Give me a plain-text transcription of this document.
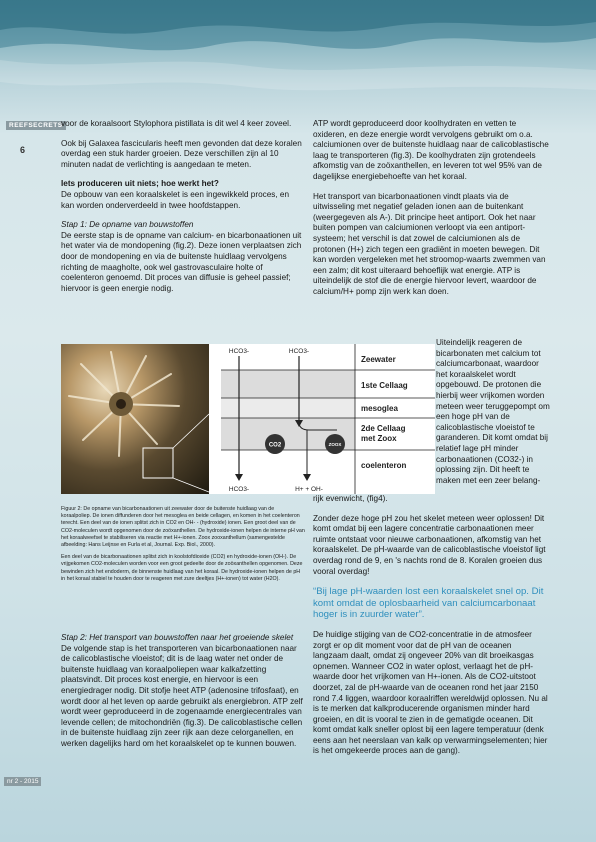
REEFSECRETS
6

voor de koraalsoort Stylophora pistillata is dit wel 4 keer zoveel.

Ook bij Galaxea fascicularis heeft men gevonden dat deze koralen overdag een stuk harder groeien. Deze verschillen zijn al 10 minuten nadat de verlichting is aangedaan te meten.

Iets produceren uit niets; hoe werkt het?

De opbouw van een koraalskelet is een ingewikkeld proces, en kan worden onderverdeeld in twee hoofdstappen.

Stap 1: De opname van bouwstoffen

De eerste stap is de opname van calcium- en bicarbonaationen uit het water via de mondopening (fig.2). Deze ionen verplaatsen zich door de mondopening en via de buitenste huidlaag vervolgens richting de maagholte, ook wel gastrovasculaire holte of coelenteron genoemd. Dit proces van diffusie is geheel passief; hiervoor is geen energie nodig.

ATP wordt geproduceerd door koolhydraten en vetten te oxideren, en deze energie wordt vervolgens gebruikt om o.a. calciumionen over de buitenste huidlaag naar de calicoblastische laag te transporteren (fig.3). De koolhydraten zijn grotendeels afkomstig van de zoöxanthellen, en leveren tot wel 95% van de dagelijkse energiebehoefte van het koraal.

Het transport van bicarbonaationen vindt plaats via de uitwisseling met negatief geladen ionen aan de buitenkant (weergegeven als A-). Dit principe heet antiport. Ook het naar buiten pompen van calciumionen verloopt via een antiport-systeem; het verschil is dat zowel de calciumionen als de protonen (H+) zich tegen een gradiënt in moeten bewegen. Dit kan worden vergeleken met het stroomop-waarts zwemmen van een zalm; dit kost uiteraard behoeflijk wat energie. ATP is uiteindelijk de stof die de energie hiervoor levert, waardoor de calcium/H+ pomp zijn werk kan doen.

HCO3-	HCO3-
Zeewater
1ste Cellaag
mesoglea
2de Cellaag
met Zoox
coelenteron
CO2	ZOOX
HCO3-	H+ + OH-

Uiteindelijk reageren de bicarbonaten met calcium tot calciumcarbonaat, waardoor het koraalskelet wordt opgebouwd. De protonen die hierbij weer vrijkomen worden meteen weer teruggepompt om een hoge pH van de calicoblastische vloeistof te garanderen. Dit komt omdat bij relatief lage pH minder carbonaationen (CO32-) in oplossing zijn. Dit heeft te maken met een zeer belang-

Figuur 2: De opname van bicarbonaationen uit zeewater door de buitenste huidlaag van de koraalpoliep. De ionen diffunderen door het mesoglea en beide cellagen, en komen in het coelenteron terecht. Een deel van de ionen splitst zich in CO2 en OH- - (hydroxide) ionen. Een groot deel van de CO2-moleculen wordt opgenomen door de zoöxanthellen. De hydroxide-ionen helpen de interne pH van het koraalweefsel te stabiliseren via reactie met H+-ionen. Zoox zooxanthellum (samengestelde afbeelding: Hans Leijnse en Furla et al, Journal. Exp. Biol., 2000).

Een deel van de bicarbonaationen splitst zich in koolstofdioxide (CO2) en hydroxide-ionen (OH-). De vrijgekomen CO2-moleculen worden voor een groot gedeelte door de zoöxanthellen opgenomen. Deze bewinden zich het endoderm, de binnenste huidlaag van het koraal. De hydroxide-ionen helpen de pH in het koraal stabiel te houden door te reageren met zure deeltjes (H+-ionen) tot water (H2O).

Stap 2: Het transport van bouwstoffen naar het groeiende skelet

De volgende stap is het transporteren van bicarbonaationen naar de calicoblastische vloeistof; dit is de laag water net onder de buitenste huidlaag van koraalpoliepen waar kalkafzetting plaatsvindt. Dit proces kost energie, en hiervoor is een energiedrager nodig. Dit stofje heet ATP (adenosine trifosfaat), en wordt door al het leven op aarde gebruikt als energiebron. ATP zelf wordt weer geproduceerd in de zogenaamde energiecentrales van levende cellen; de mitochondriën (fig.3). De calicoblastische cellen in de buitenste huidlaag zijn zeer rijk aan deze celorganellen, en werken dagelijks hard om het koraalskelet op te kunnen bouwen.

rijk evenwicht, (fig4).

Zonder deze hoge pH zou het skelet meteen weer oplossen! Dit komt omdat bij een lagere concentratie carbonaationen meer ruimte ontstaat voor nieuwe carbonaationen, afkomstig van het koraalskelet. De pH-waarde van de calicoblastische vloeistof ligt overdag rond de 9, en 's nachts rond de 8. Koralen groeien dus vooral overdag!

“Bij lage pH-waarden lost een koraalskelet snel op. Dit komt omdat de oplosbaarheid van calciumcarbonaat hoger is in zuurder water”.

De huidige stijging van de CO2-concentratie in de atmosfeer zorgt er op dit moment voor dat de pH van de oceanen langzaam daalt, omdat zij ongeveer 20% van dit broeikasgas opnemen. Wanneer CO2 in water oplost, verlaagt het de pH-waarde door het vrijkomen van H+-ionen. Als de CO2-uitstoot doorzet, zal de pH-waarde van de oceanen rond het jaar 2150 rond 7.4 liggen, waardoor koraalriffen wereldwijd oplossen. Nu al is te merken dat kalkproducerende organismen minder hard groeien, en dit is vooral te zien in de gematigde oceanen. Dit komt omdat kalk sneller oplost bij een lagere temperatuur (denk eens aan het neerslaan van kalk op verwarmingselementen; hier is het omgekeerde proces aan de gang).

nr 2 - 2015
